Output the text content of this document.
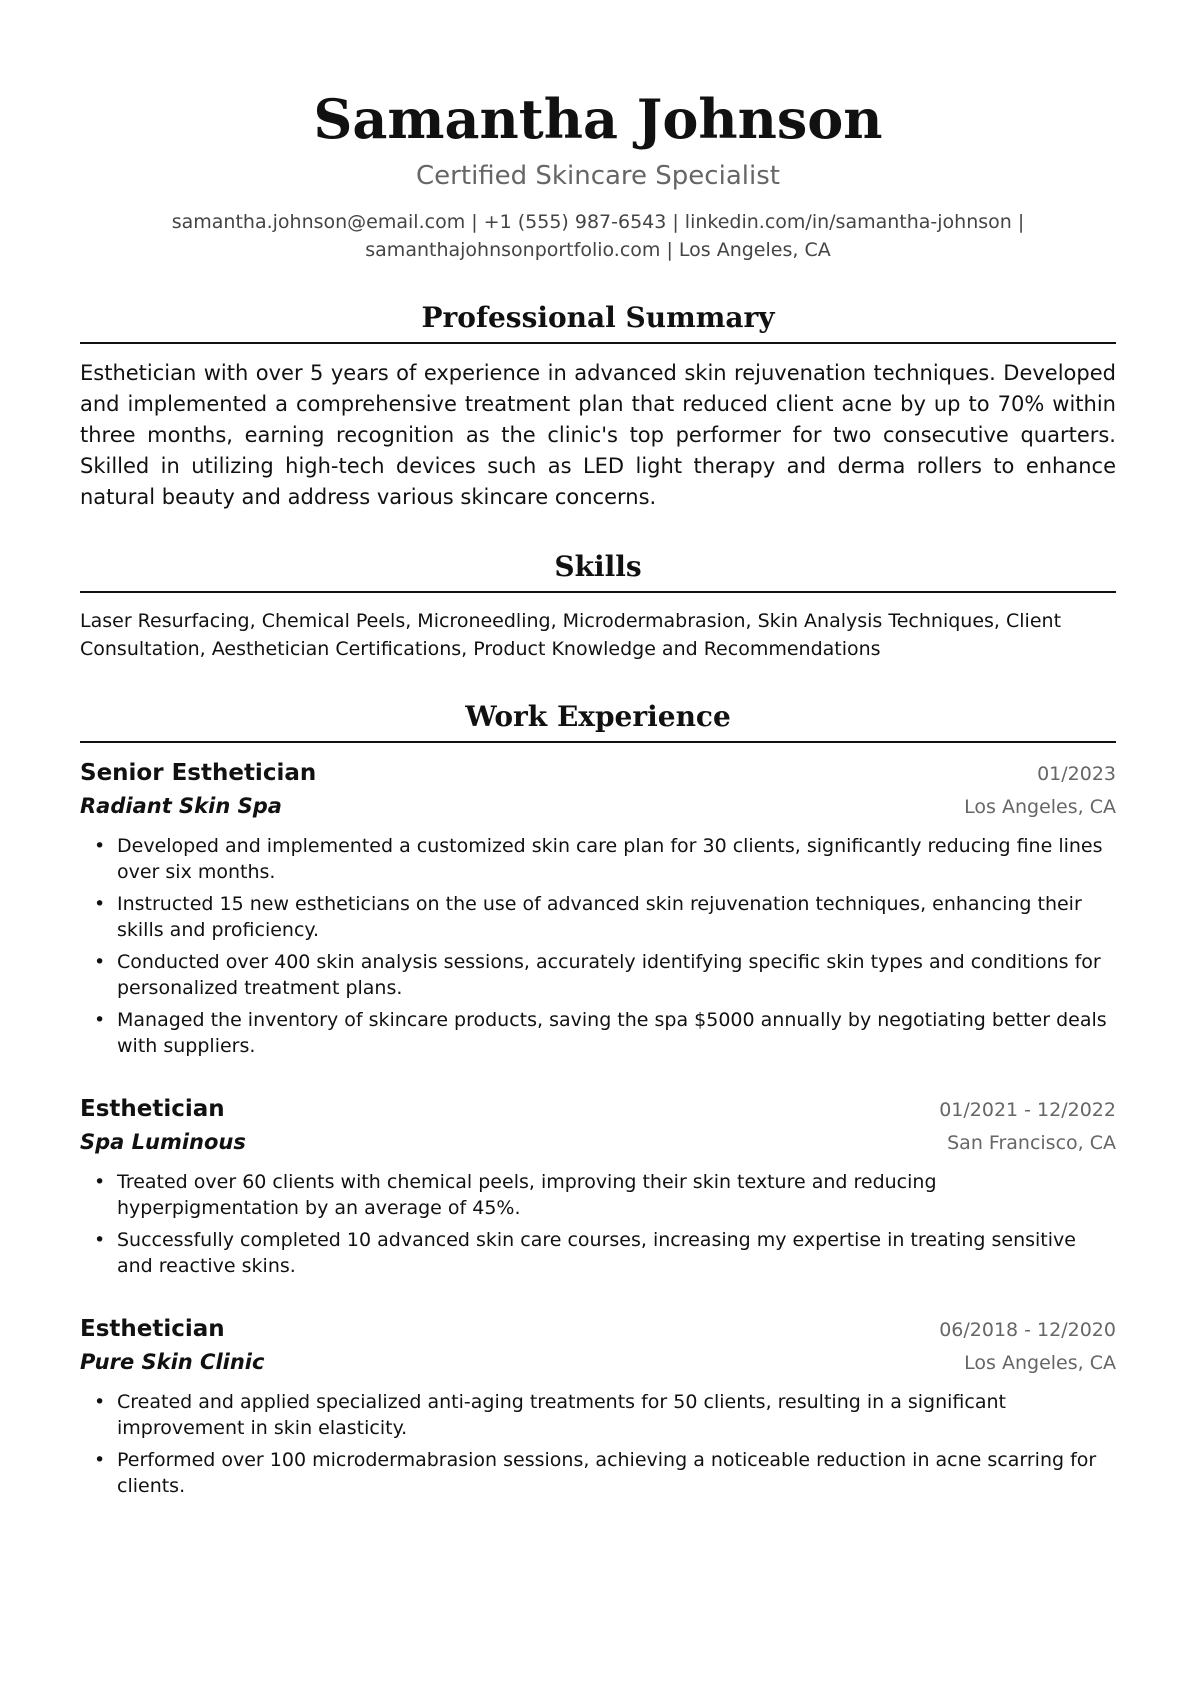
Samantha Johnson
Certified Skincare Specialist
samantha.johnson@email.com | +1 (555) 987-6543 | linkedin.com/in/samantha-johnson |
samanthajohnsonportfolio.com | Los Angeles, CA
Professional Summary
Esthetician with over 5 years of experience in advanced skin rejuvenation techniques. Developed and implemented a comprehensive treatment plan that reduced client acne by up to 70% within three months, earning recognition as the clinic's top performer for two consecutive quarters. Skilled in utilizing high-tech devices such as LED light therapy and derma rollers to enhance natural beauty and address various skincare concerns.
Skills
Laser Resurfacing, Chemical Peels, Microneedling, Microdermabrasion, Skin Analysis Techniques, Client Consultation, Aesthetician Certifications, Product Knowledge and Recommendations
Work Experience
Senior Esthetician	01/2023
Radiant Skin Spa	Los Angeles, CA
• Developed and implemented a customized skin care plan for 30 clients, significantly reducing fine lines over six months.
• Instructed 15 new estheticians on the use of advanced skin rejuvenation techniques, enhancing their skills and proficiency.
• Conducted over 400 skin analysis sessions, accurately identifying specific skin types and conditions for personalized treatment plans.
• Managed the inventory of skincare products, saving the spa $5000 annually by negotiating better deals with suppliers.
Esthetician	01/2021 - 12/2022
Spa Luminous	San Francisco, CA
• Treated over 60 clients with chemical peels, improving their skin texture and reducing hyperpigmentation by an average of 45%.
• Successfully completed 10 advanced skin care courses, increasing my expertise in treating sensitive and reactive skins.
Esthetician	06/2018 - 12/2020
Pure Skin Clinic	Los Angeles, CA
• Created and applied specialized anti-aging treatments for 50 clients, resulting in a significant improvement in skin elasticity.
• Performed over 100 microdermabrasion sessions, achieving a noticeable reduction in acne scarring for clients.
